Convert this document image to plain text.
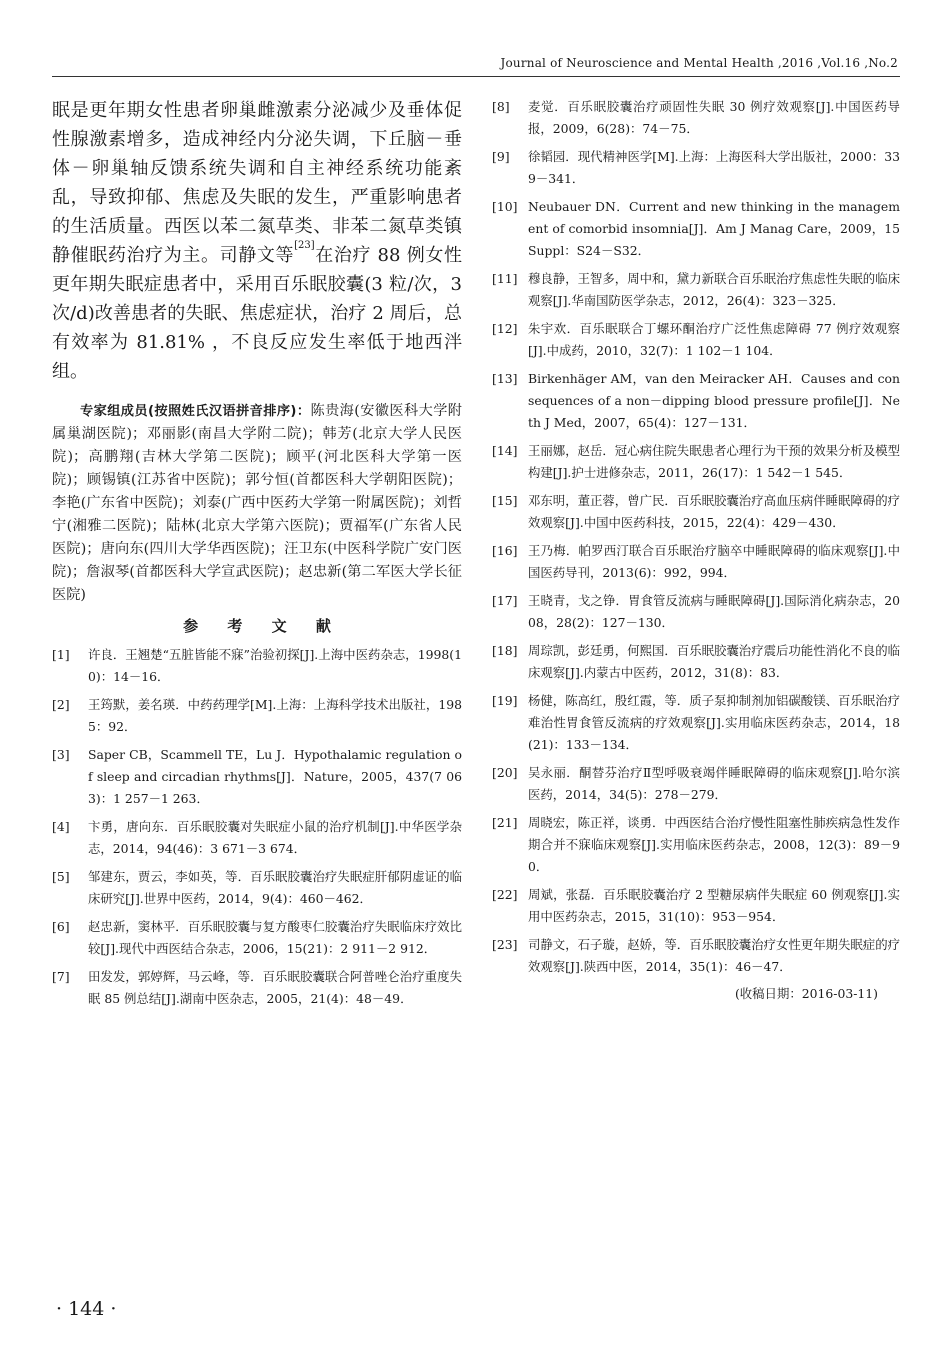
Journal of Neuroscience and Mental Health ,2016 ,Vol.16 ,No.2

眠是更年期女性患者卵巢雌激素分泌减少及垂体促性腺激素增多，造成神经内分泌失调，下丘脑－垂体－卵巢轴反馈系统失调和自主神经系统功能紊乱，导致抑郁、焦虑及失眠的发生，严重影响患者的生活质量。西医以苯二氮草类、非苯二氮草类镇静催眠药治疗为主。司静文等[23]在治疗 88 例女性更年期失眠症患者中，采用百乐眠胶囊(3 粒/次，3 次/d)改善患者的失眠、焦虑症状，治疗 2 周后，总有效率为 81.81% ，不良反应发生率低于地西泮组。

专家组成员(按照姓氏汉语拼音排序)：陈贵海(安徽医科大学附属巢湖医院)；邓丽影(南昌大学附二院)；韩芳(北京大学人民医院)；高鹏翔(吉林大学第二医院)；顾平(河北医科大学第一医院)；顾锡镇(江苏省中医院)；郭兮恒(首都医科大学朝阳医院)；李艳(广东省中医院)；刘泰(广西中医药大学第一附属医院)；刘哲宁(湘雅二医院)；陆林(北京大学第六医院)；贾福军(广东省人民医院)；唐向东(四川大学华西医院)；汪卫东(中医科学院广安门医院)；詹淑琴(首都医科大学宣武医院)；赵忠新(第二军医大学长征医院)

参 考 文 献
[1]	许良．王翘楚“五脏皆能不寐”治验初探[J].上海中医药杂志，1998(10)：14－16．
[2]	王筠默，姜名瑛．中药药理学[M].上海：上海科学技术出版社，1985：92．
[3]	Saper CB，Scammell TE，Lu J．Hypothalamic regulation of sleep and circadian rhythms[J]．Nature，2005，437(7 063)：1 257－1 263．
[4]	卞勇，唐向东．百乐眠胶囊对失眠症小鼠的治疗机制[J].中华医学杂志，2014，94(46)：3 671－3 674．
[5]	邹建东，贾云，李如英，等．百乐眠胶囊治疗失眠症肝郁阴虚证的临床研究[J].世界中医药，2014，9(4)：460－462．
[6]	赵忠新，窦林平．百乐眠胶囊与复方酸枣仁胶囊治疗失眠临床疗效比较[J].现代中西医结合杂志，2006，15(21)：2 911－2 912．
[7]	田发发，郭婷辉，马云峰，等．百乐眠胶囊联合阿普唑仑治疗重度失眠 85 例总结[J].湖南中医杂志，2005，21(4)：48－49．
[8]	麦觉．百乐眠胶囊治疗顽固性失眠 30 例疗效观察[J].中国医药导报，2009，6(28)：74－75．
[9]	徐韬园．现代精神医学[M].上海：上海医科大学出版社，2000：339－341．
[10] Neubauer DN．Current and new thinking in the management of comorbid insomnia[J]．Am J Manag Care，2009，15 Suppl：S24－S32．
[11] 穆良静，王智多，周中和，黛力新联合百乐眠治疗焦虑性失眠的临床观察[J].华南国防医学杂志，2012，26(4)：323－325．
[12] 朱宇欢．百乐眠联合丁螺环酮治疗广泛性焦虑障碍 77 例疗效观察[J].中成药，2010，32(7)：1 102－1 104．
[13] Birkenhäger AM，van den Meiracker AH．Causes and consequences of a non－dipping blood pressure profile[J]．Neth J Med，2007，65(4)：127－131．
[14] 王丽娜，赵岳．冠心病住院失眠患者心理行为干预的效果分析及模型构建[J].护士进修杂志，2011，26(17)：1 542－1 545．
[15] 邓东明，董正蓉，曾广民．百乐眠胶囊治疗高血压病伴睡眠障碍的疗效观察[J].中国中医药科技，2015，22(4)：429－430．
[16] 王乃梅．帕罗西汀联合百乐眠治疗脑卒中睡眠障碍的临床观察[J].中国医药导刊，2013(6)：992，994．
[17] 王晓青，戈之铮．胃食管反流病与睡眠障碍[J].国际消化病杂志，2008，28(2)：127－130．
[18] 周琮凯，彭廷勇，何熙国．百乐眠胶囊治疗震后功能性消化不良的临床观察[J].内蒙古中医药，2012，31(8)：83．
[19] 杨健，陈高红，殷红霞，等．质子泵抑制剂加铝碳酸镁、百乐眠治疗难治性胃食管反流病的疗效观察[J].实用临床医药杂志，2014，18(21)：133－134．
[20] 吴永丽．酮替芬治疗Ⅱ型呼吸衰竭伴睡眠障碍的临床观察[J].哈尔滨医药，2014，34(5)：278－279．
[21] 周晓宏，陈正祥，谈勇．中西医结合治疗慢性阻塞性肺疾病急性发作期合并不寐临床观察[J].实用临床医药杂志，2008，12(3)：89－90．
[22] 周斌，张磊．百乐眠胶囊治疗 2 型糖尿病伴失眠症 60 例观察[J].实用中医药杂志，2015，31(10)：953－954．
[23] 司静文，石子璇，赵娇，等．百乐眠胶囊治疗女性更年期失眠症的疗效观察[J].陕西中医，2014，35(1)：46－47．
(收稿日期：2016-03-11)
· 144 ·
